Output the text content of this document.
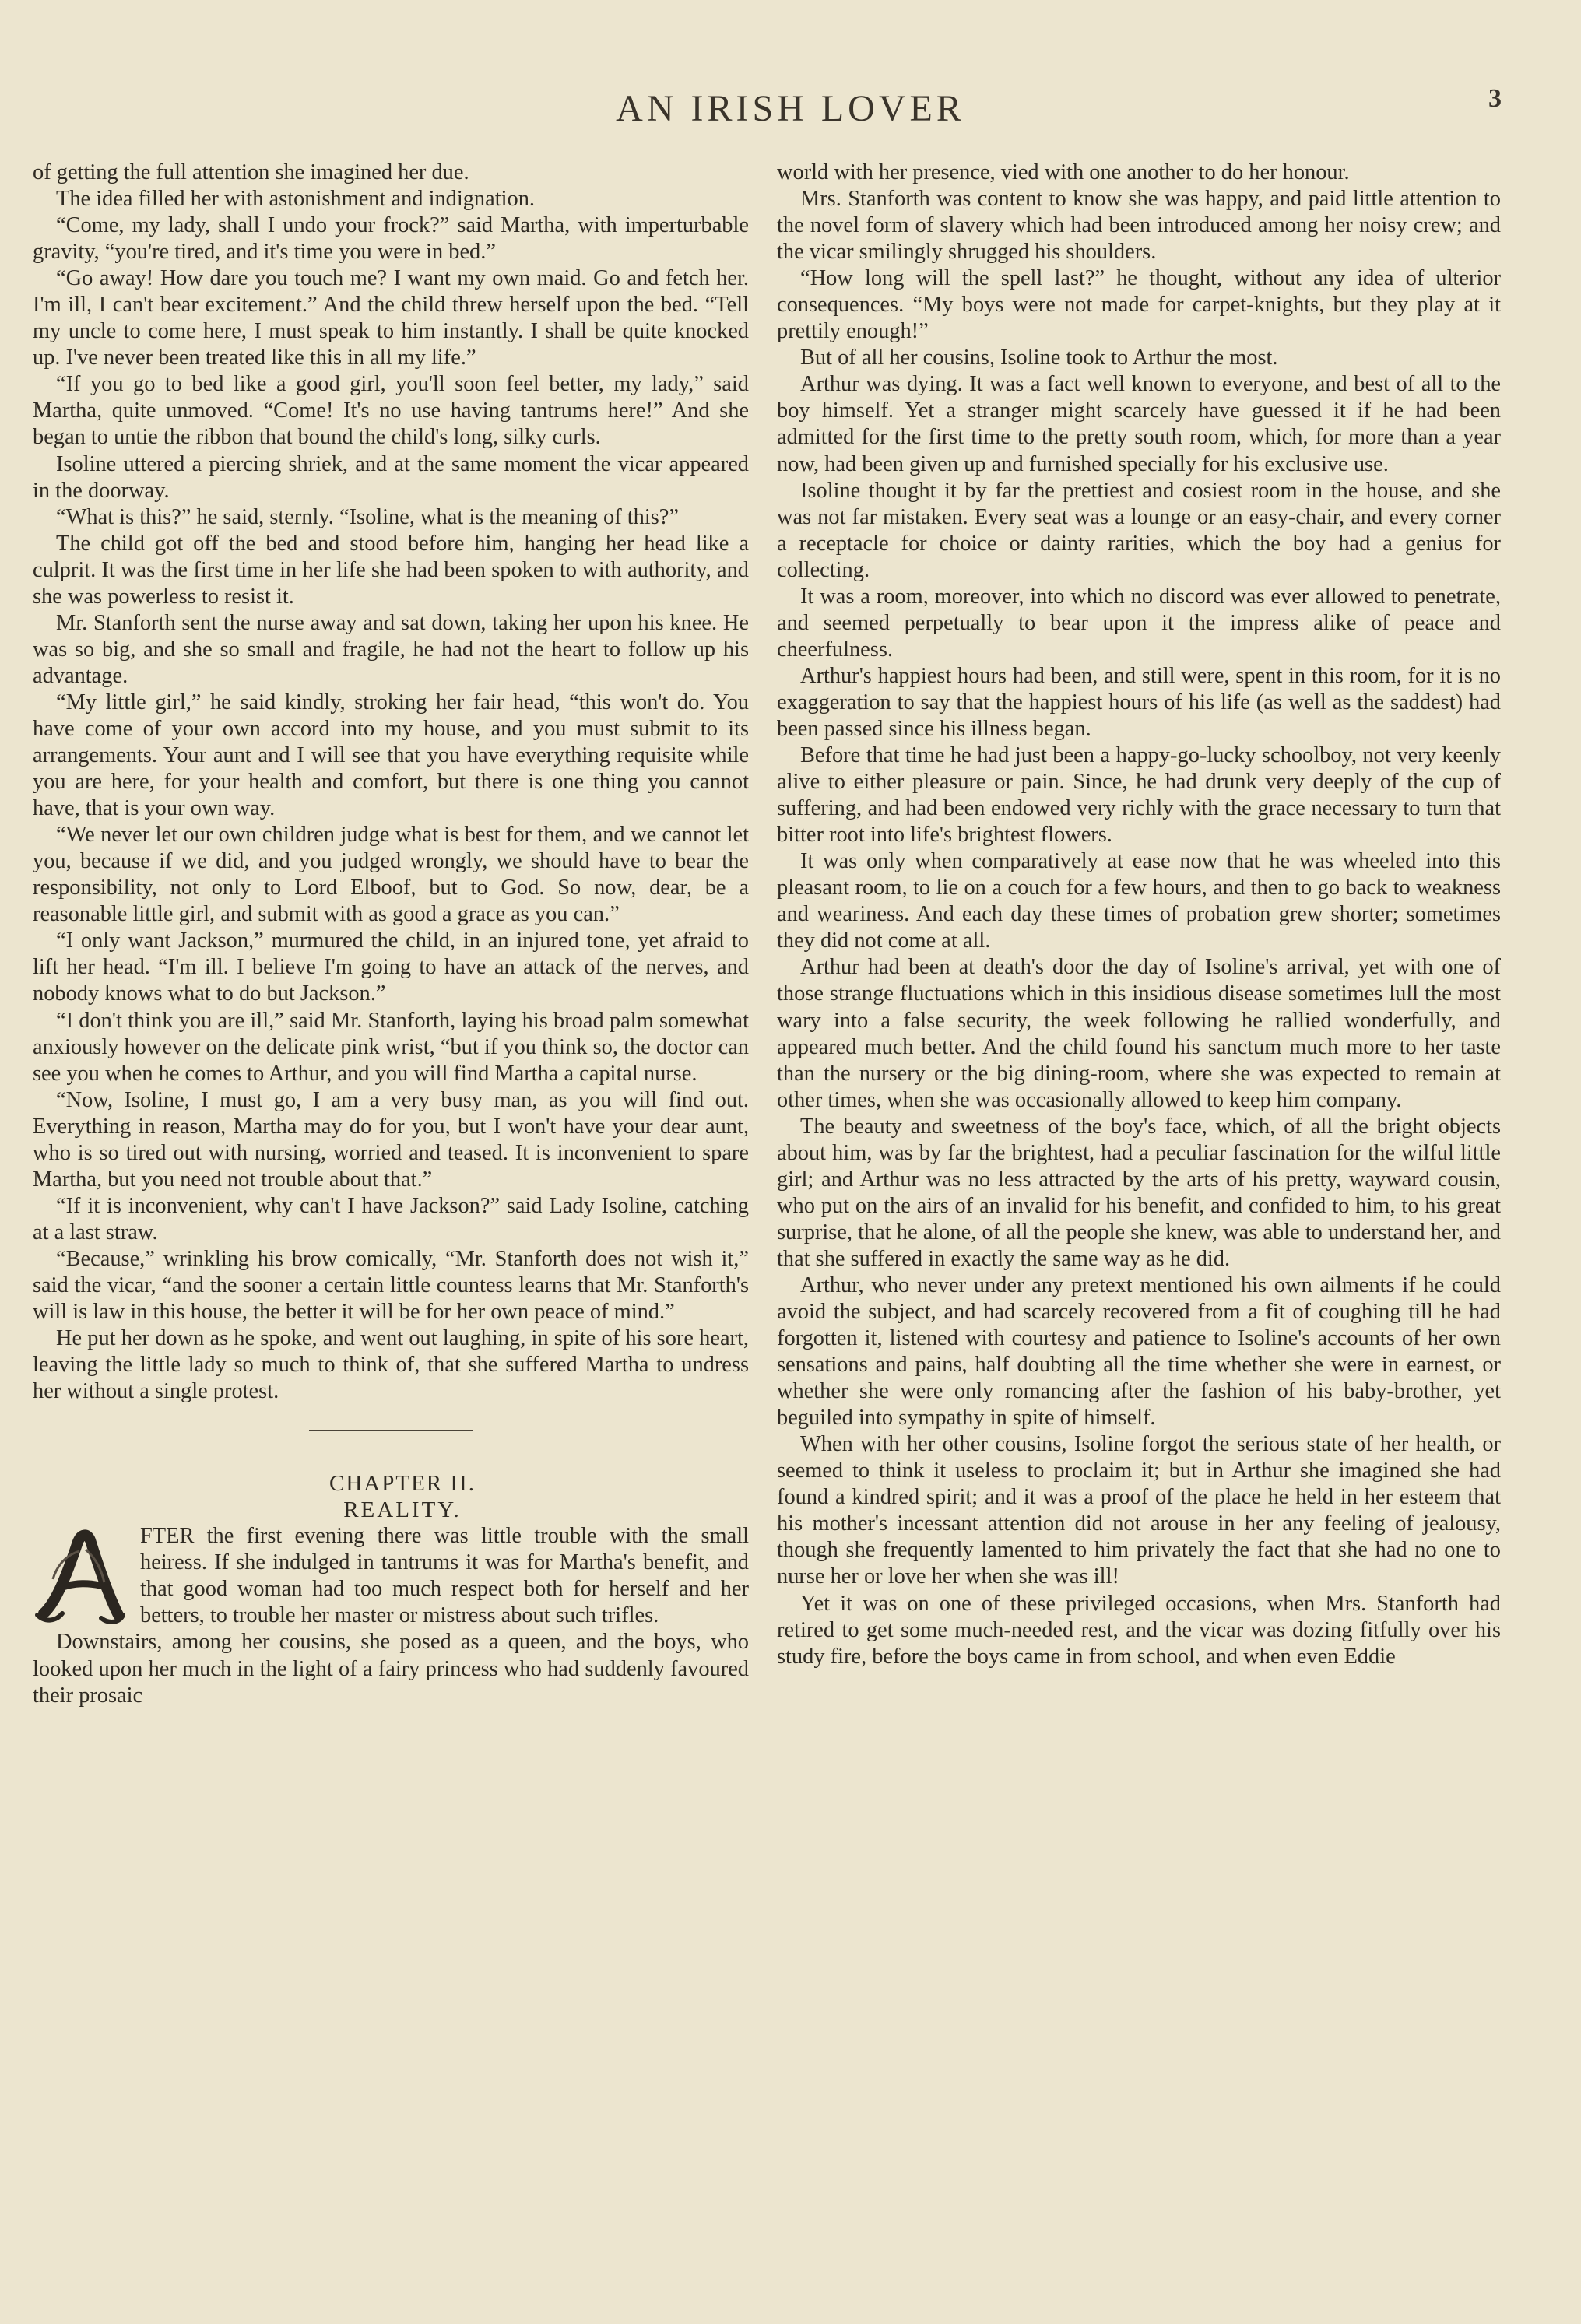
AN IRISH LOVER	3

of getting the full attention she imagined her due.

The idea filled her with astonishment and indignation.

“Come, my lady, shall I undo your frock?” said Martha, with imperturbable gravity, “you're tired, and it's time you were in bed.”

“Go away! How dare you touch me? I want my own maid. Go and fetch her. I'm ill, I can't bear excitement.” And the child threw herself upon the bed. “Tell my uncle to come here, I must speak to him instantly. I shall be quite knocked up. I've never been treated like this in all my life.”

“If you go to bed like a good girl, you'll soon feel better, my lady,” said Martha, quite unmoved. “Come! It's no use having tantrums here!” And she began to untie the ribbon that bound the child's long, silky curls.

Isoline uttered a piercing shriek, and at the same moment the vicar appeared in the doorway.

“What is this?” he said, sternly. “Isoline, what is the meaning of this?”

The child got off the bed and stood before him, hanging her head like a culprit. It was the first time in her life she had been spoken to with authority, and she was powerless to resist it.

Mr. Stanforth sent the nurse away and sat down, taking her upon his knee. He was so big, and she so small and fragile, he had not the heart to follow up his advantage.

“My little girl,” he said kindly, stroking her fair head, “this won't do. You have come of your own accord into my house, and you must submit to its arrangements. Your aunt and I will see that you have everything requisite while you are here, for your health and comfort, but there is one thing you cannot have, that is your own way.

“We never let our own children judge what is best for them, and we cannot let you, because if we did, and you judged wrongly, we should have to bear the responsibility, not only to Lord Elboof, but to God. So now, dear, be a reasonable little girl, and submit with as good a grace as you can.”

“I only want Jackson,” murmured the child, in an injured tone, yet afraid to lift her head. “I'm ill. I believe I'm going to have an attack of the nerves, and nobody knows what to do but Jackson.”

“I don't think you are ill,” said Mr. Stanforth, laying his broad palm somewhat anxiously however on the delicate pink wrist, “but if you think so, the doctor can see you when he comes to Arthur, and you will find Martha a capital nurse.

“Now, Isoline, I must go, I am a very busy man, as you will find out. Everything in reason, Martha may do for you, but I won't have your dear aunt, who is so tired out with nursing, worried and teased. It is inconvenient to spare Martha, but you need not trouble about that.”

“If it is inconvenient, why can't I have Jackson?” said Lady Isoline, catching at a last straw.

“Because,” wrinkling his brow comically, “Mr. Stanforth does not wish it,” said the vicar, “and the sooner a certain little countess learns that Mr. Stanforth's will is law in this house, the better it will be for her own peace of mind.”

He put her down as he spoke, and went out laughing, in spite of his sore heart, leaving the little lady so much to think of, that she suffered Martha to undress her without a single protest.

CHAPTER II.

REALITY.

FTER the first evening there was little trouble with the small heiress. If she indulged in tantrums it was for Martha's benefit, and that good woman had too much respect both for herself and her betters, to trouble her master or mistress about such trifles.

Downstairs, among her cousins, she posed as a queen, and the boys, who looked upon her much in the light of a fairy princess who had suddenly favoured their prosaic

world with her presence, vied with one another to do her honour.

Mrs. Stanforth was content to know she was happy, and paid little attention to the novel form of slavery which had been introduced among her noisy crew; and the vicar smilingly shrugged his shoulders.

“How long will the spell last?” he thought, without any idea of ulterior consequences. “My boys were not made for carpet-knights, but they play at it prettily enough!”

But of all her cousins, Isoline took to Arthur the most.

Arthur was dying. It was a fact well known to everyone, and best of all to the boy himself. Yet a stranger might scarcely have guessed it if he had been admitted for the first time to the pretty south room, which, for more than a year now, had been given up and furnished specially for his exclusive use.

Isoline thought it by far the prettiest and cosiest room in the house, and she was not far mistaken. Every seat was a lounge or an easy-chair, and every corner a receptacle for choice or dainty rarities, which the boy had a genius for collecting.

It was a room, moreover, into which no discord was ever allowed to penetrate, and seemed perpetually to bear upon it the impress alike of peace and cheerfulness.

Arthur's happiest hours had been, and still were, spent in this room, for it is no exaggeration to say that the happiest hours of his life (as well as the saddest) had been passed since his illness began.

Before that time he had just been a happy-go-lucky schoolboy, not very keenly alive to either pleasure or pain. Since, he had drunk very deeply of the cup of suffering, and had been endowed very richly with the grace necessary to turn that bitter root into life's brightest flowers.

It was only when comparatively at ease now that he was wheeled into this pleasant room, to lie on a couch for a few hours, and then to go back to weakness and weariness. And each day these times of probation grew shorter; sometimes they did not come at all.

Arthur had been at death's door the day of Isoline's arrival, yet with one of those strange fluctuations which in this insidious disease sometimes lull the most wary into a false security, the week following he rallied wonderfully, and appeared much better. And the child found his sanctum much more to her taste than the nursery or the big dining-room, where she was expected to remain at other times, when she was occasionally allowed to keep him company.

The beauty and sweetness of the boy's face, which, of all the bright objects about him, was by far the brightest, had a peculiar fascination for the wilful little girl; and Arthur was no less attracted by the arts of his pretty, wayward cousin, who put on the airs of an invalid for his benefit, and confided to him, to his great surprise, that he alone, of all the people she knew, was able to understand her, and that she suffered in exactly the same way as he did.

Arthur, who never under any pretext mentioned his own ailments if he could avoid the subject, and had scarcely recovered from a fit of coughing till he had forgotten it, listened with courtesy and patience to Isoline's accounts of her own sensations and pains, half doubting all the time whether she were in earnest, or whether she were only romancing after the fashion of his baby-brother, yet beguiled into sympathy in spite of himself.

When with her other cousins, Isoline forgot the serious state of her health, or seemed to think it useless to proclaim it; but in Arthur she imagined she had found a kindred spirit; and it was a proof of the place he held in her esteem that his mother's incessant attention did not arouse in her any feeling of jealousy, though she frequently lamented to him privately the fact that she had no one to nurse her or love her when she was ill!

Yet it was on one of these privileged occasions, when Mrs. Stanforth had retired to get some much-needed rest, and the vicar was dozing fitfully over his study fire, before the boys came in from school, and when even Eddie
